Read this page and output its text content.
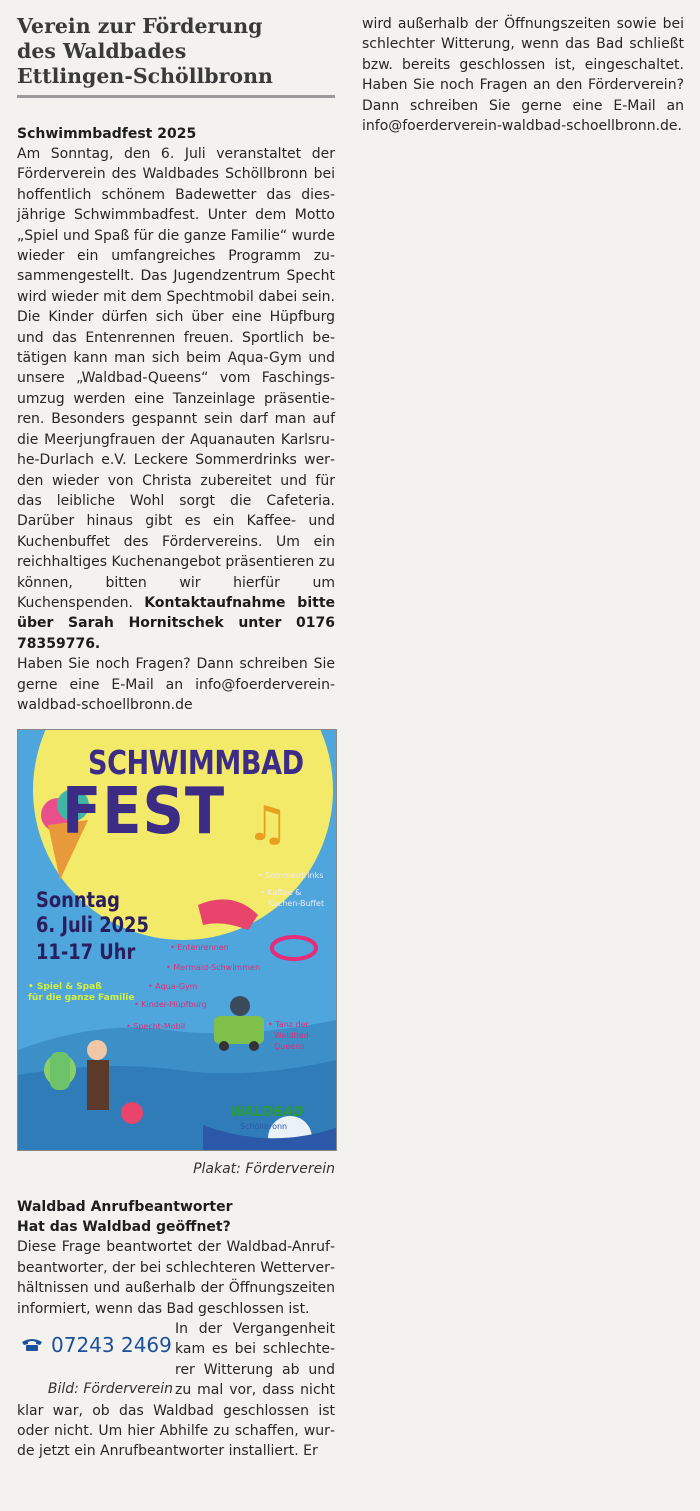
Verein zur Förderung
des Waldbades
Ettlingen-Schöllbronn
Schwimmbadfest 2025

Am Sonntag, den 6. Juli veranstaltet der Förderverein des Waldbades Schöllbronn bei hoffentlich schönem Badewetter das diesjährige Schwimmbadfest. Unter dem Motto „Spiel und Spaß für die ganze Familie“ wurde wieder ein umfangreiches Programm zusammengestellt. Das Jugendzentrum Specht wird wieder mit dem Spechtmobil dabei sein. Die Kinder dürfen sich über eine Hüpfburg und das Entenrennen freuen. Sportlich betätigen kann man sich beim Aqua-Gym und unsere „Waldbad-Queens“ vom Faschingsumzug werden eine Tanzeinlage präsentieren. Besonders gespannt sein darf man auf die Meerjungfrauen der Aquanauten Karlsruhe-Durlach e.V. Leckere Sommerdrinks werden wieder von Christa zubereitet und für das leibliche Wohl sorgt die Cafeteria. Darüber hinaus gibt es ein Kaffee- und Kuchenbuffet des Fördervereins. Um ein reichhaltiges Kuchenangebot präsentieren zu können, bitten wir hierfür um Kuchenspenden. Kontaktaufnahme bitte über Sarah Hornitschek unter 0176 78359776.

Haben Sie noch Fragen? Dann schreiben Sie gerne eine E-Mail an info@foerderverein-waldbad-schoellbronn.de

♫
SCHWIMMBAD
FEST
Sonntag
6. Juli 2025
11-17 Uhr
• Spiel & Spaß
für die ganze Familie
• Sommerdrinks
• Kaffee &
Kuchen-Buffet
• Entenrennen
• Mermaid-Schwimmen
• Aqua-Gym
• Kinder-Hüpfburg
• Specht-Mobil	• Tanz der
Waldbad-
Queens
WALDBAD
Schöllbronn

Plakat: Förderverein

Waldbad Anrufbeantworter
Hat das Waldbad geöffnet?

Diese Frage beantwortet der Waldbad-Anrufbeantworter, der bei schlechteren Wetterverhältnissen und außerhalb der Öffnungszeiten informiert, wenn das Bad geschlossen ist.

07243 2469
Bild: Förderverein

In der Vergangenheit kam es bei schlechterer Witterung ab und zu mal vor, dass nicht klar war, ob das Waldbad geschlossen ist oder nicht. Um hier Abhilfe zu schaffen, wurde jetzt ein Anrufbeantworter installiert. Er

wird außerhalb der Öffnungszeiten sowie bei schlechter Witterung, wenn das Bad schließt bzw. bereits geschlossen ist, eingeschaltet. Haben Sie noch Fragen an den Förderverein? Dann schreiben Sie gerne eine E-Mail an info@foerderverein-waldbad-schoellbronn.de.
